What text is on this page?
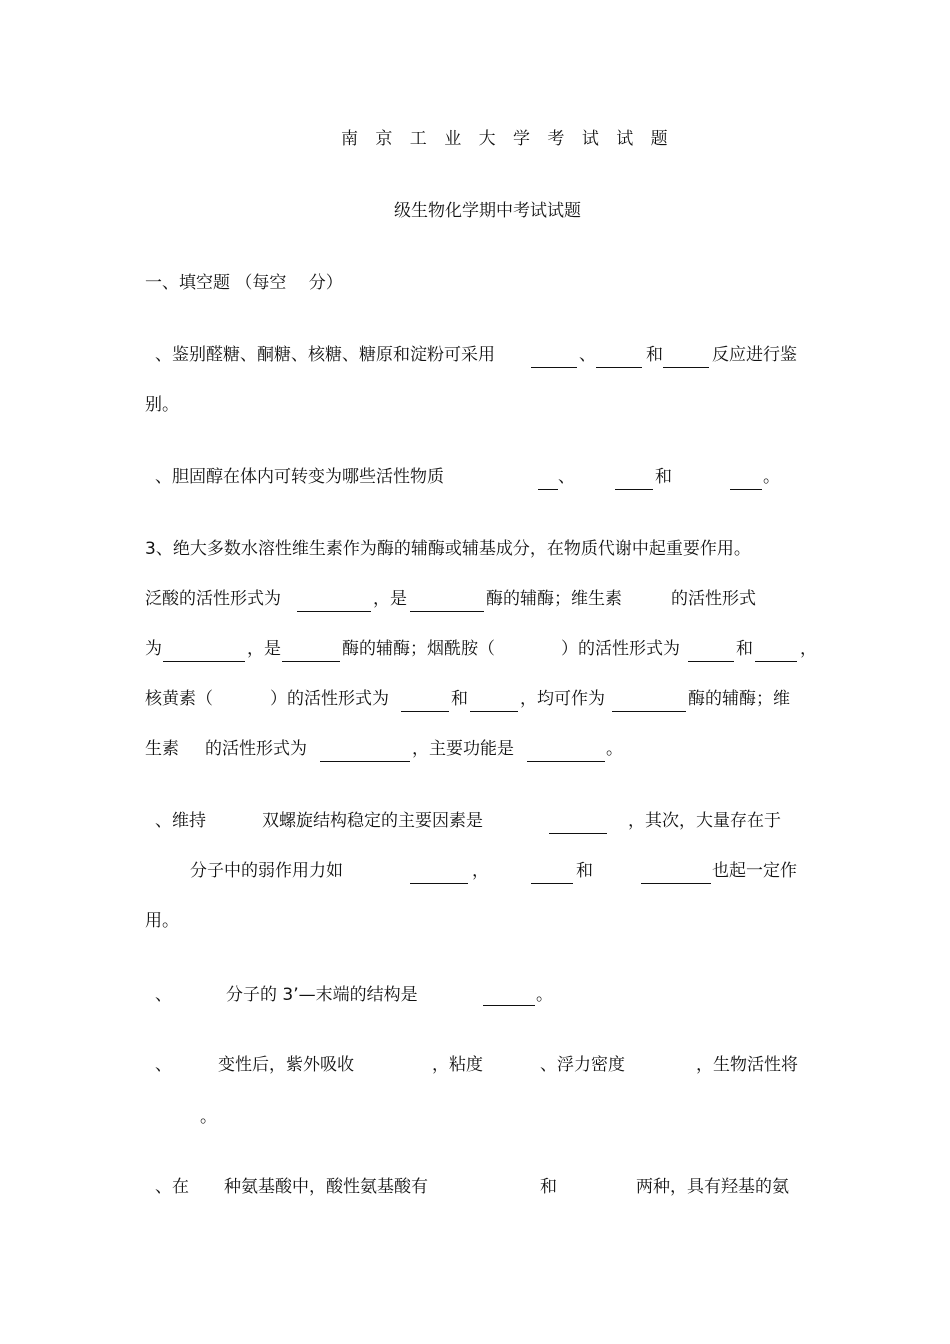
南 京 工 业 大 学 考 试 试 题
级生物化学期中考试试题
一、填空题 （每空　 分）
、鉴别醛糖、酮糖、核糖、糖原和淀粉可采用	、	和	反应进行鉴
别。
、胆固醇在体内可转变为哪些活性物质	、	和	。
3、绝大多数水溶性维生素作为酶的辅酶或辅基成分，在物质代谢中起重要作用。
泛酸的活性形式为	，是	酶的辅酶；维生素	的活性形式
为	，是	酶的辅酶；烟酰胺（	）的活性形式为	和	，
核黄素（	）的活性形式为	和	，均可作为	酶的辅酶；维
生素 的活性形式为	，主要功能是	。
、维持	双螺旋结构稳定的主要因素是	，其次，大量存在于
分子中的弱作用力如	，	和	也起一定作
用。
、	分子的 3’—末端的结构是	。
、	变性后，紫外吸收	，粘度	、浮力密度	，生物活性将
。
、在 种氨基酸中，酸性氨基酸有	和	两种，具有羟基的氨
